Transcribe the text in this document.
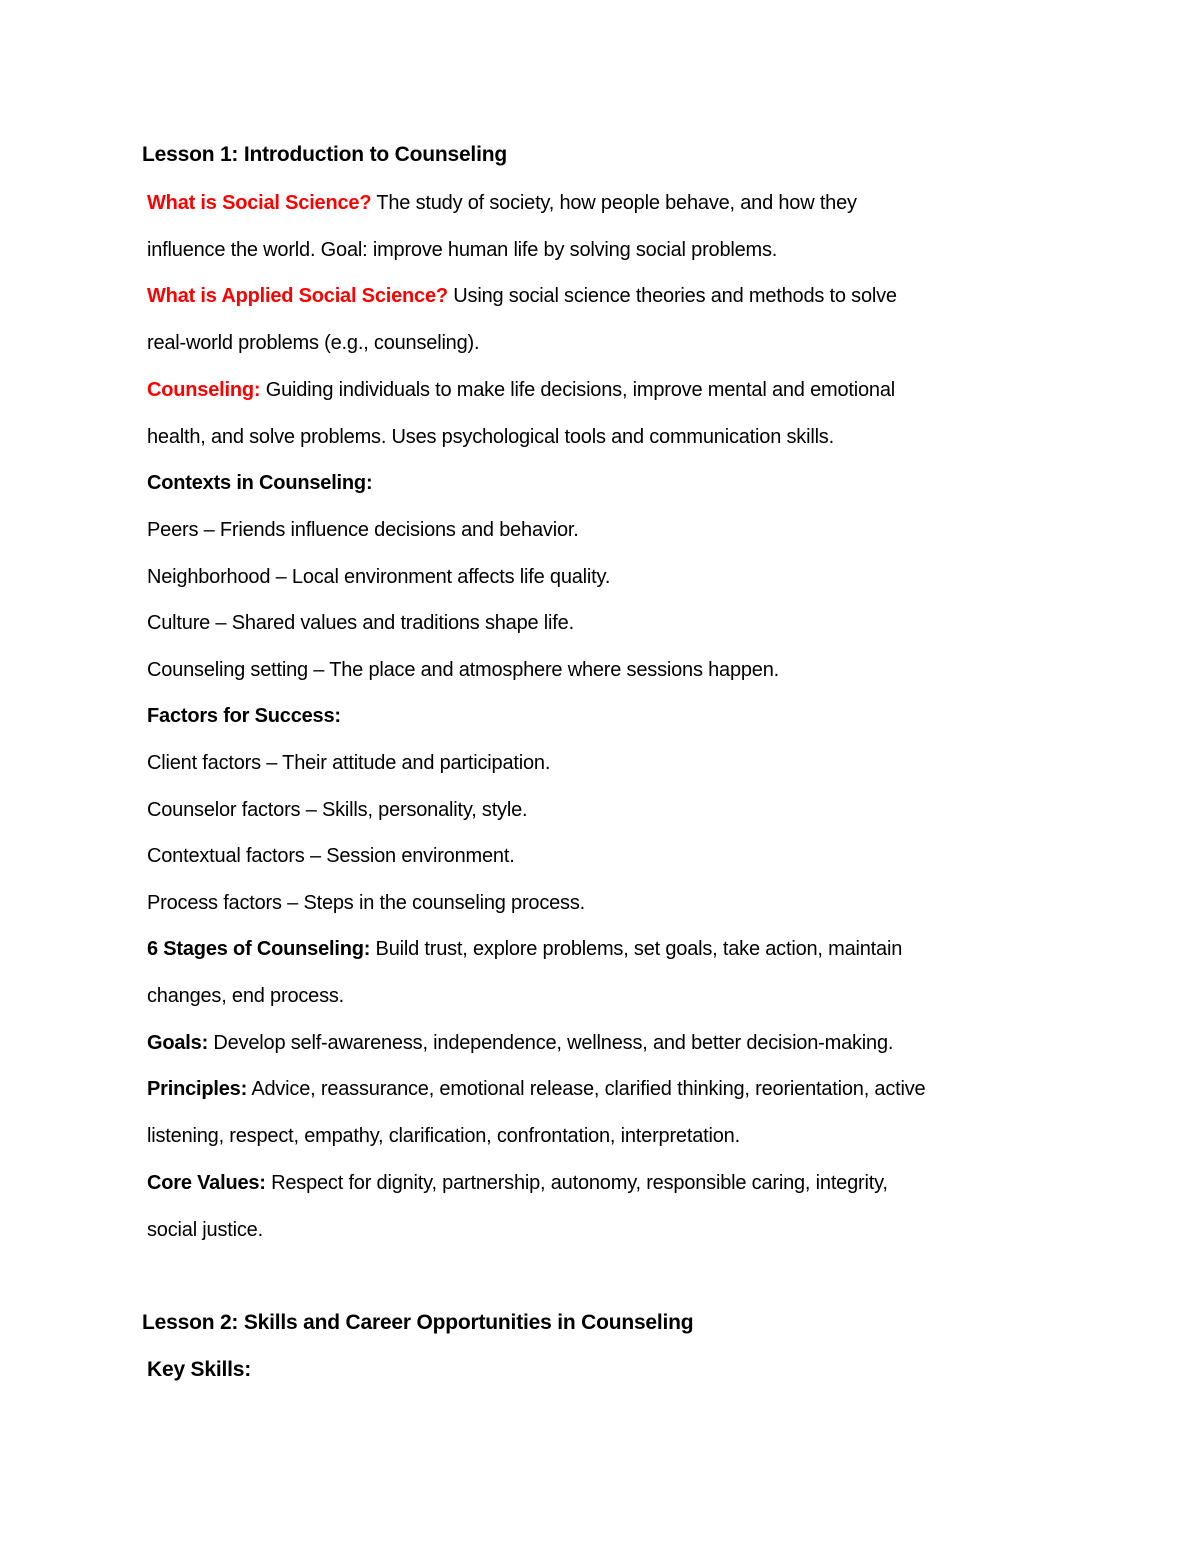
Lesson 1: Introduction to Counseling
What is Social Science? The study of society, how people behave, and how they
influence the world. Goal: improve human life by solving social problems.
What is Applied Social Science? Using social science theories and methods to solve
real-world problems (e.g., counseling).
Counseling: Guiding individuals to make life decisions, improve mental and emotional
health, and solve problems. Uses psychological tools and communication skills.
Contexts in Counseling:
Peers – Friends influence decisions and behavior.
Neighborhood – Local environment affects life quality.
Culture – Shared values and traditions shape life.
Counseling setting – The place and atmosphere where sessions happen.
Factors for Success:
Client factors – Their attitude and participation.
Counselor factors – Skills, personality, style.
Contextual factors – Session environment.
Process factors – Steps in the counseling process.
6 Stages of Counseling: Build trust, explore problems, set goals, take action, maintain
changes, end process.
Goals: Develop self-awareness, independence, wellness, and better decision-making.
Principles: Advice, reassurance, emotional release, clarified thinking, reorientation, active
listening, respect, empathy, clarification, confrontation, interpretation.
Core Values: Respect for dignity, partnership, autonomy, responsible caring, integrity,
social justice.
Lesson 2: Skills and Career Opportunities in Counseling
Key Skills:
